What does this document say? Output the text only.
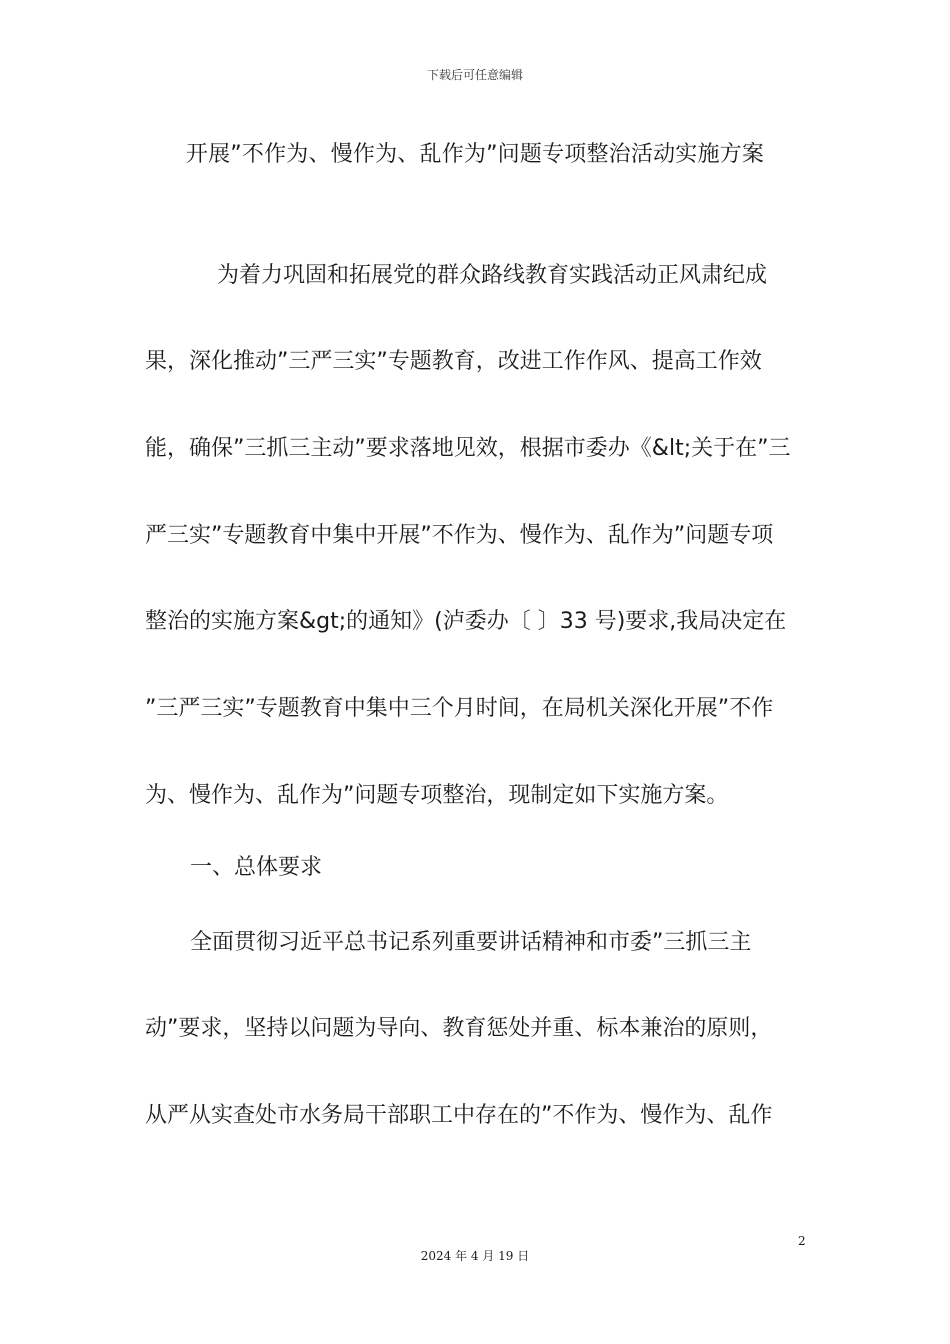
下载后可任意编辑
开展”不作为、慢作为、乱作为”问题专项整治活动实施方案
为着力巩固和拓展党的群众路线教育实践活动正风肃纪成
果，深化推动”三严三实”专题教育，改进工作作风、提高工作效
能，确保”三抓三主动”要求落地见效，根据市委办《&lt;关于在”三
严三实”专题教育中集中开展”不作为、慢作为、乱作为”问题专项
整治的实施方案&gt;的通知》(泸委办〔 〕33 号)要求,我局决定在
”三严三实”专题教育中集中三个月时间，在局机关深化开展”不作
为、慢作为、乱作为”问题专项整治，现制定如下实施方案。
一、总体要求
全面贯彻习近平总书记系列重要讲话精神和市委”三抓三主
动”要求，坚持以问题为导向、教育惩处并重、标本兼治的原则，
从严从实查处市水务局干部职工中存在的”不作为、慢作为、乱作
2
2024 年 4 月 19 日
